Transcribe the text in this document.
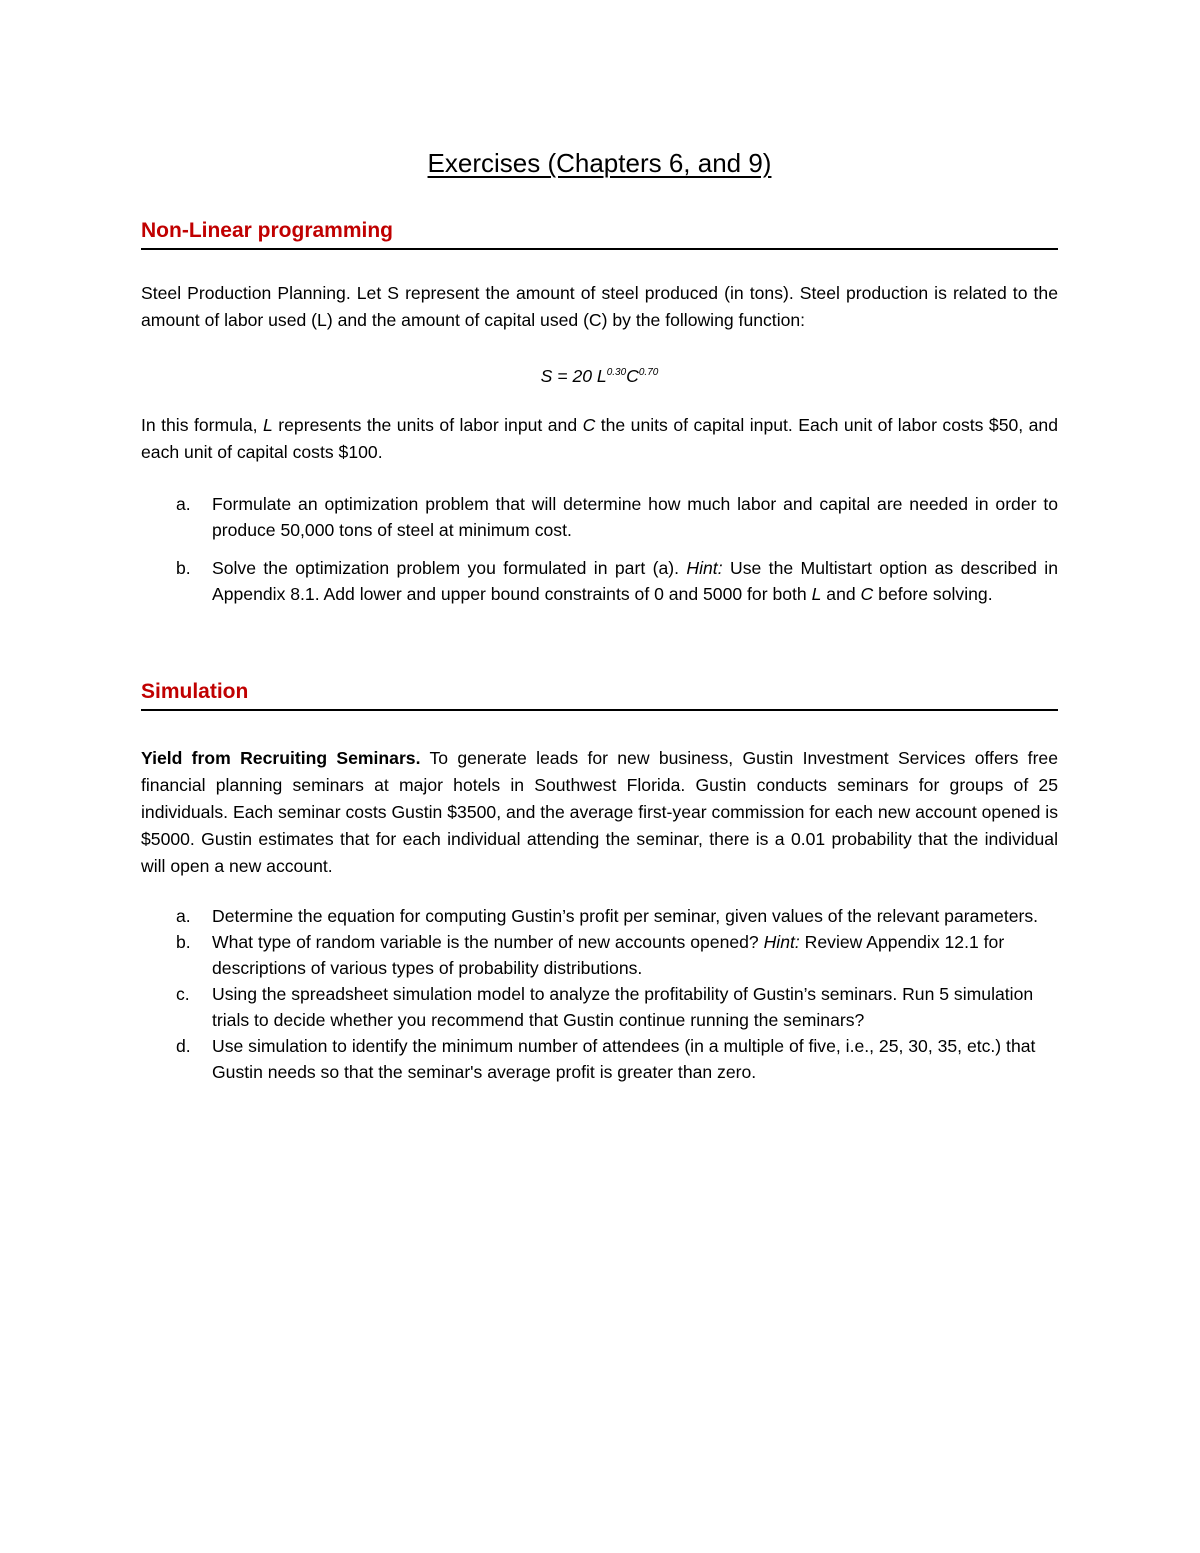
Exercises (Chapters 6, and 9)
Non-Linear programming
Steel Production Planning. Let S represent the amount of steel produced (in tons). Steel production is related to the amount of labor used (L) and the amount of capital used (C) by the following function:
S = 20 $L^{0.30}C^{0.70}$
In this formula, L represents the units of labor input and C the units of capital input. Each unit of labor costs $50, and each unit of capital costs $100.
a. Formulate an optimization problem that will determine how much labor and capital are needed in order to produce 50,000 tons of steel at minimum cost.
b. Solve the optimization problem you formulated in part (a). Hint: Use the Multistart option as described in Appendix 8.1. Add lower and upper bound constraints of 0 and 5000 for both L and C before solving.
Simulation
Yield from Recruiting Seminars. To generate leads for new business, Gustin Investment Services offers free financial planning seminars at major hotels in Southwest Florida. Gustin conducts seminars for groups of 25 individuals. Each seminar costs Gustin $3500, and the average first-year commission for each new account opened is $5000. Gustin estimates that for each individual attending the seminar, there is a 0.01 probability that the individual will open a new account.
a. Determine the equation for computing Gustin’s profit per seminar, given values of the relevant parameters.
b. What type of random variable is the number of new accounts opened? Hint: Review Appendix 12.1 for descriptions of various types of probability distributions.
c. Using the spreadsheet simulation model to analyze the profitability of Gustin’s seminars. Run 5 simulation trials to decide whether you recommend that Gustin continue running the seminars?
d. Use simulation to identify the minimum number of attendees (in a multiple of five, i.e., 25, 30, 35, etc.) that Gustin needs so that the seminar's average profit is greater than zero.
